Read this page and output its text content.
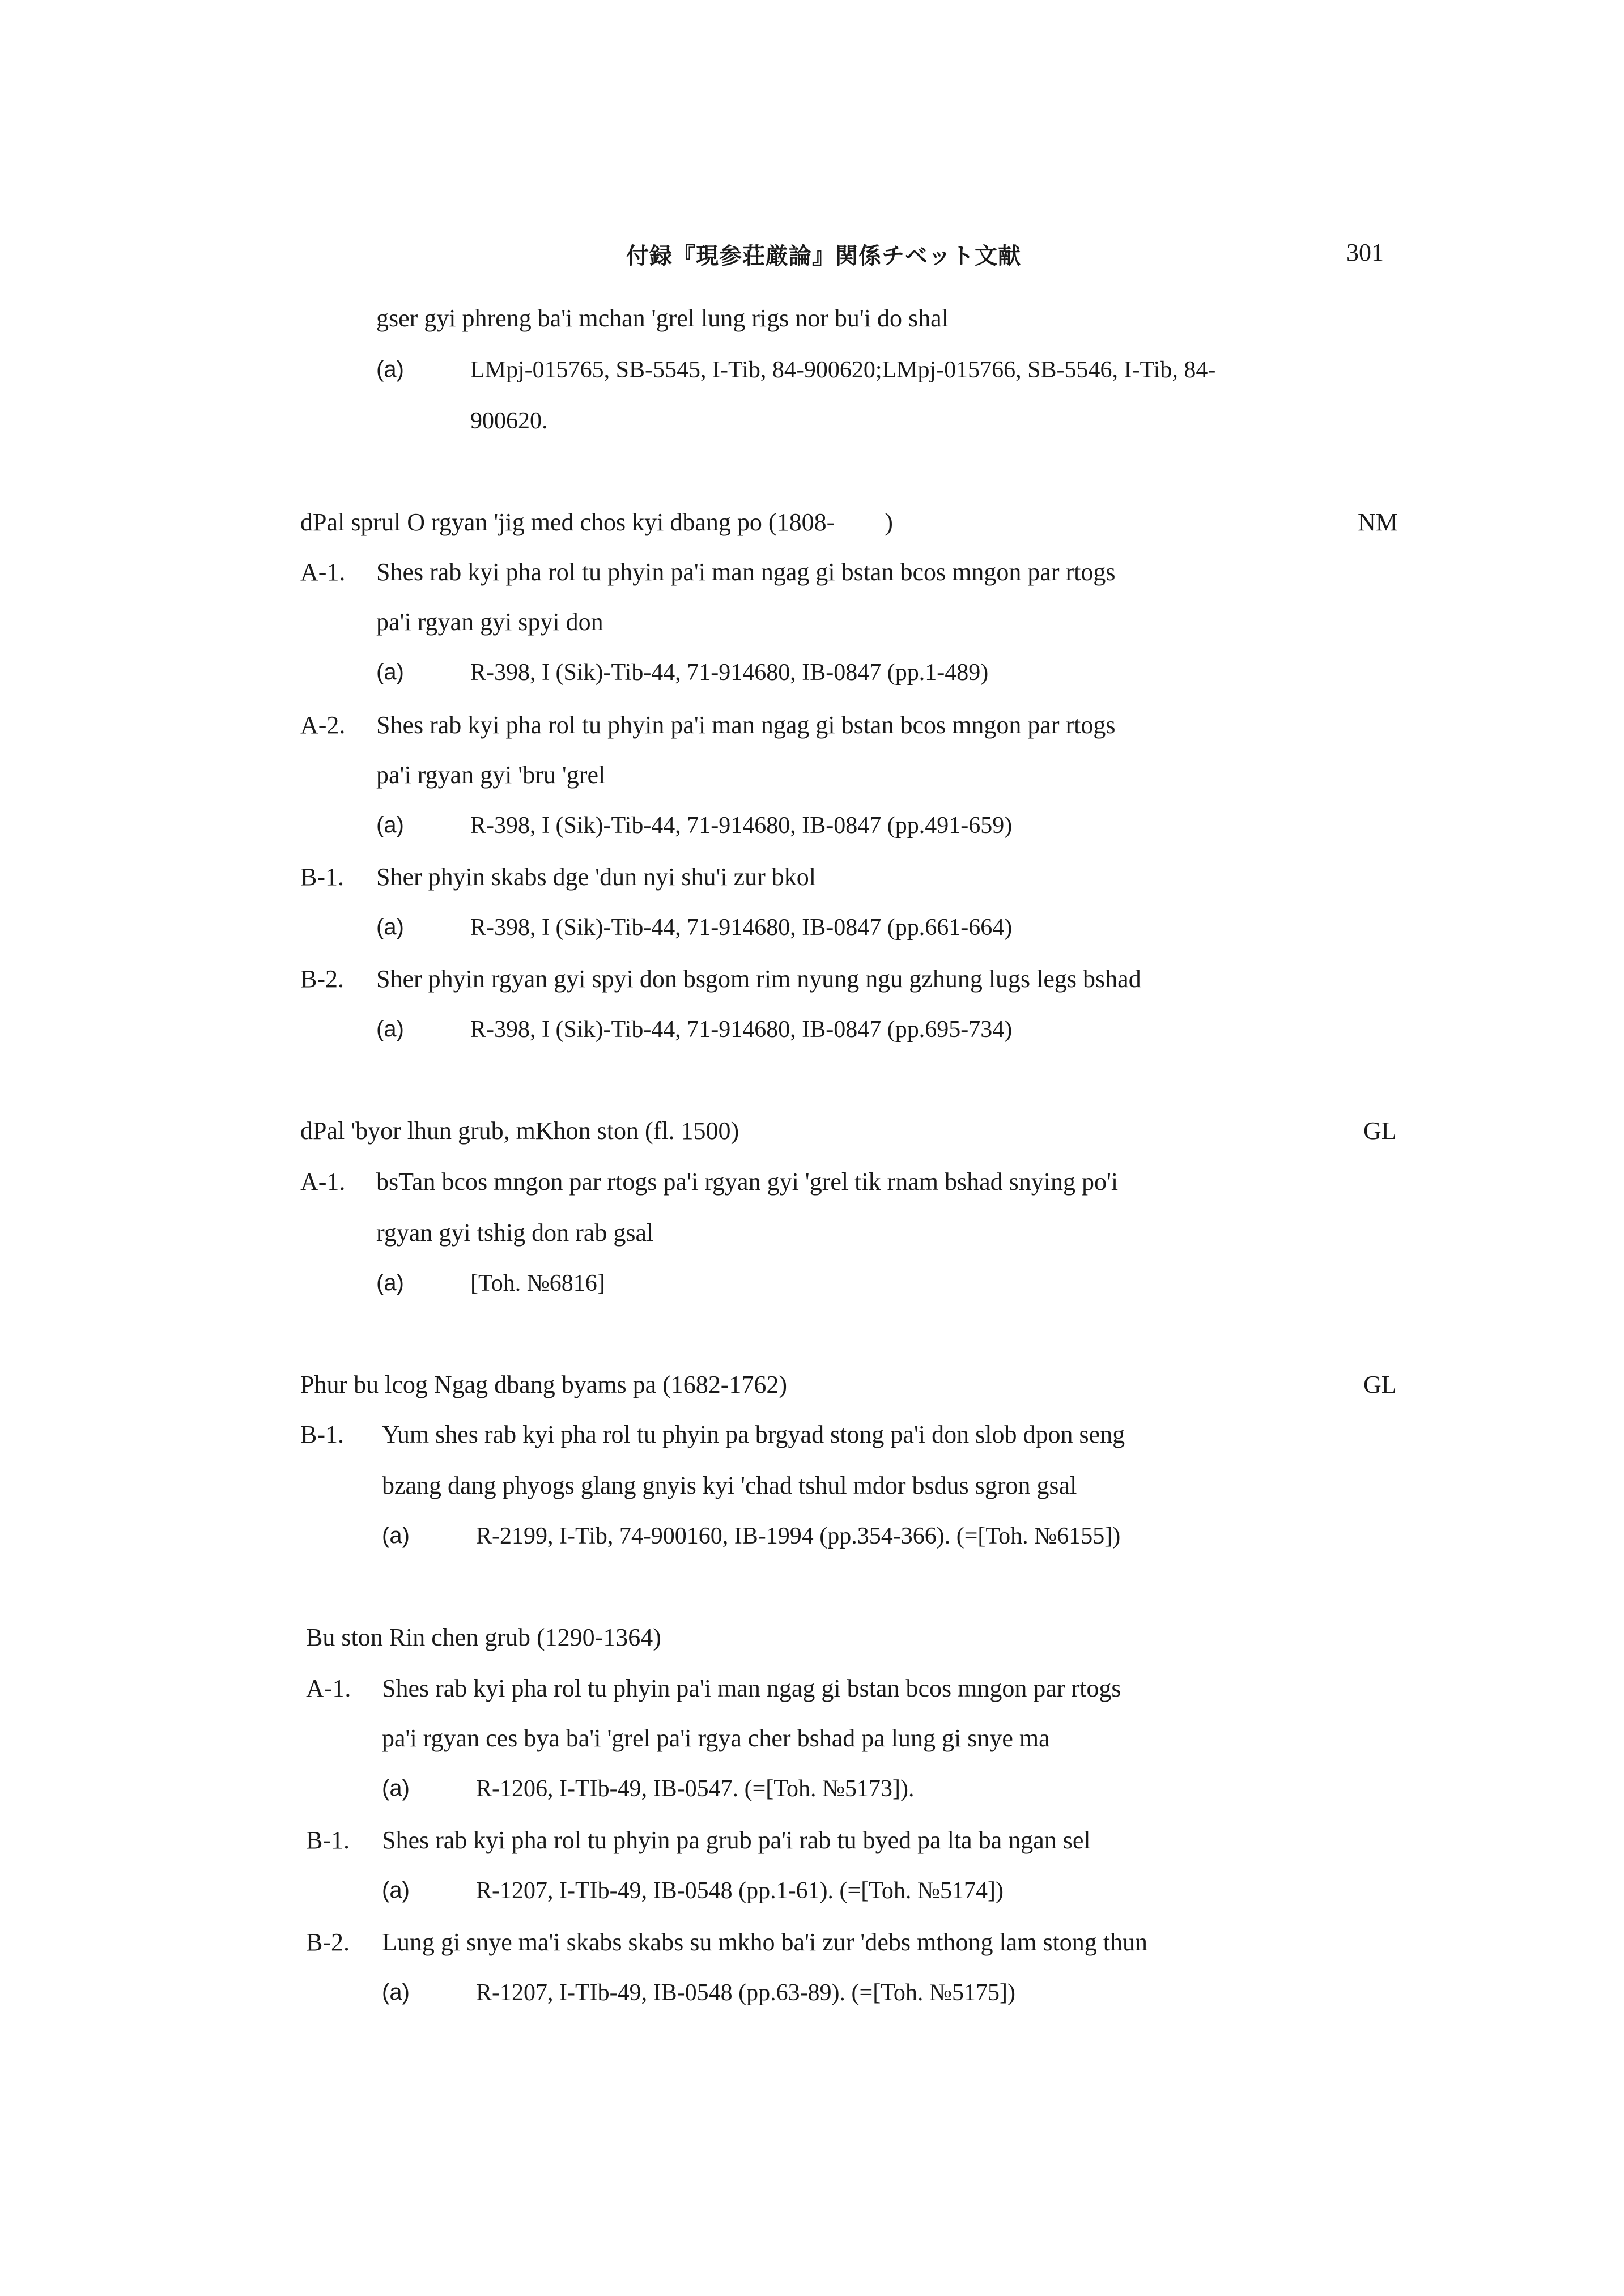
付録『現参荘厳論』関係チベット文献	301
gser gyi phreng ba'i mchan 'grel lung rigs nor bu'i do shal
(a)	LMpj-015765, SB-5545, I-Tib, 84-900620;LMpj-015766, SB-5546, I-Tib, 84-
900620.
dPal sprul O rgyan 'jig med chos kyi dbang po (1808-　　)	NM
A-1. Shes rab kyi pha rol tu phyin pa'i man ngag gi bstan bcos mngon par rtogs
pa'i rgyan gyi spyi don
(a)	R-398, I (Sik)-Tib-44, 71-914680, IB-0847 (pp.1-489)
A-2. Shes rab kyi pha rol tu phyin pa'i man ngag gi bstan bcos mngon par rtogs
pa'i rgyan gyi 'bru 'grel
(a)	R-398, I (Sik)-Tib-44, 71-914680, IB-0847 (pp.491-659)
B-1. Sher phyin skabs dge 'dun nyi shu'i zur bkol
(a)	R-398, I (Sik)-Tib-44, 71-914680, IB-0847 (pp.661-664)
B-2. Sher phyin rgyan gyi spyi don bsgom rim nyung ngu gzhung lugs legs bshad
(a)	R-398, I (Sik)-Tib-44, 71-914680, IB-0847 (pp.695-734)
dPal 'byor lhun grub, mKhon ston (fl. 1500)	GL
A-1. bsTan bcos mngon par rtogs pa'i rgyan gyi 'grel tik rnam bshad snying po'i
rgyan gyi tshig don rab gsal
(a)	[Toh. №6816]
Phur bu lcog Ngag dbang byams pa (1682-1762)	GL
B-1. Yum shes rab kyi pha rol tu phyin pa brgyad stong pa'i don slob dpon seng
bzang dang phyogs glang gnyis kyi 'chad tshul mdor bsdus sgron gsal
(a)	R-2199, I-Tib, 74-900160, IB-1994 (pp.354-366). (=[Toh. №6155])
Bu ston Rin chen grub (1290-1364)
A-1. Shes rab kyi pha rol tu phyin pa'i man ngag gi bstan bcos mngon par rtogs
pa'i rgyan ces bya ba'i 'grel pa'i rgya cher bshad pa lung gi snye ma
(a)	R-1206, I-TIb-49, IB-0547. (=[Toh. №5173]).
B-1. Shes rab kyi pha rol tu phyin pa grub pa'i rab tu byed pa lta ba ngan sel
(a)	R-1207, I-TIb-49, IB-0548 (pp.1-61). (=[Toh. №5174])
B-2. Lung gi snye ma'i skabs skabs su mkho ba'i zur 'debs mthong lam stong thun
(a)	R-1207, I-TIb-49, IB-0548 (pp.63-89). (=[Toh. №5175])
